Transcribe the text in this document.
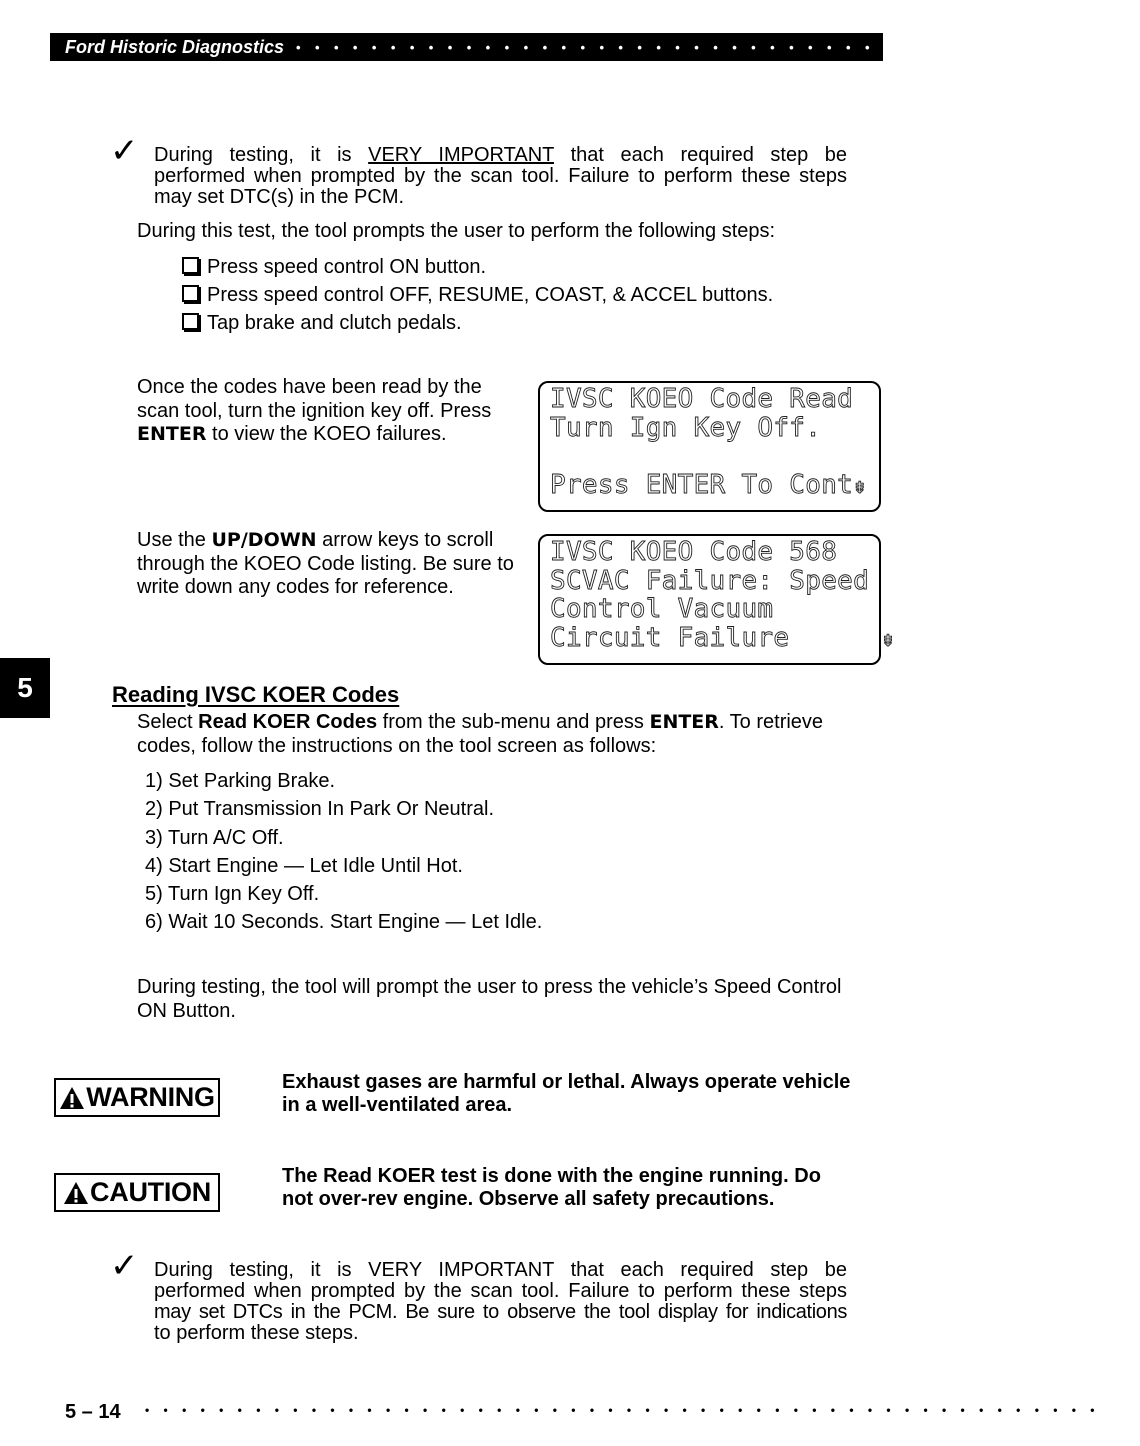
Ford Historic Diagnostics • • • • • • • • • • • • • • • • • • • • • • • • • • • • • • • • • • • • • • • • • • • • •
✓ During testing, it is VERY IMPORTANT that each required step be
performed when prompted by the scan tool. Failure to perform these steps
may set DTC(s) in the PCM.
During this test, the tool prompts the user to perform the following steps:
Press speed control ON button.
Press speed control OFF, RESUME, COAST, & ACCEL buttons.
Tap brake and clutch pedals.
Once the codes have been read by the
scan tool, turn the ignition key off. Press
ENTER to view the KOEO failures.
IVSC KOEO Code Read
Turn Ign Key Off.
Press ENTER To Cont⇟
Use the UP/DOWN arrow keys to scroll
through the KOEO Code listing. Be sure to
write down any codes for reference.
IVSC KOEO Code 568
SCVAC Failure: Speed
Control Vacuum
Circuit Failure	⇟
5	Reading IVSC KOER Codes
Select Read KOER Codes from the sub-menu and press ENTER. To retrieve
codes, follow the instructions on the tool screen as follows:
1) Set Parking Brake.
2) Put Transmission In Park Or Neutral.
3) Turn A/C Off.
4) Start Engine — Let Idle Until Hot.
5) Turn Ign Key Off.
6) Wait 10 Seconds. Start Engine — Let Idle.
During testing, the tool will prompt the user to press the vehicle’s Speed Control
ON Button.
WARNING	Exhaust gases are harmful or lethal. Always operate vehicle
in a well-ventilated area.
CAUTION
The Read KOER test is done with the engine running. Do
not over-rev engine. Observe all safety precautions.
✓ During testing, it is VERY IMPORTANT that each required step be
performed when prompted by the scan tool. Failure to perform these steps
may set DTCs in the PCM. Be sure to observe the tool display for indications
to perform these steps.
5 – 14 • • • • • • • • • • • • • • • • • • • • • • • • • • • • • • • • • • • • • • • • • • • • • • • • • • • •
